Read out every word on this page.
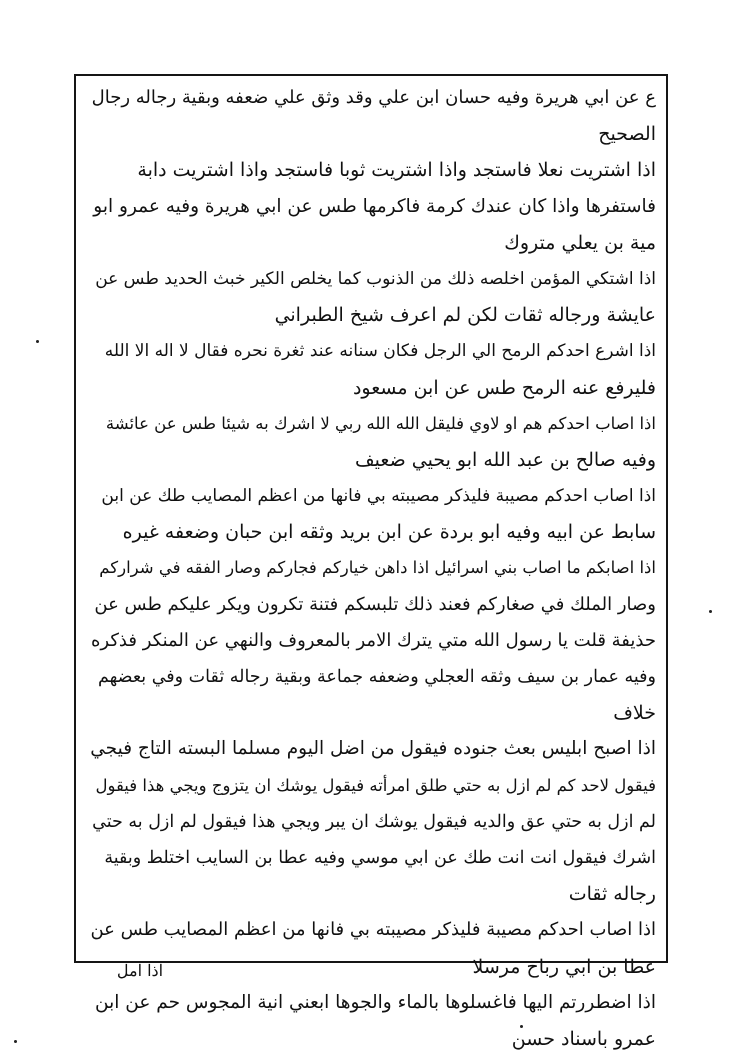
ع عن ابي هريرة وفيه حسان ابن علي وقد وثق علي ضعفه وبقية رجاله رجال
الصحيح
اذا اشتريت نعلا فاستجد واذا اشتريت ثوبا فاستجد واذا اشتريت دابة
فاستفرها واذا كان عندك كرمة فاكرمها طس عن ابي هريرة وفيه عمرو ابو
مية بن يعلي متروك
اذا اشتكي المؤمن اخلصه ذلك من الذنوب كما يخلص الكير خبث الحديد طس عن
عايشة ورجاله ثقات لكن لم اعرف شيخ الطبراني
اذا اشرع احدكم الرمح الي الرجل فكان سنانه عند ثغرة نحره فقال لا اله الا الله
فليرفع عنه الرمح طس عن ابن مسعود
اذا اصاب احدكم هم او لاوي فليقل الله الله ربي لا اشرك به شيئا طس عن عائشة
وفيه صالح بن عبد الله ابو يحيي ضعيف
اذا اصاب احدكم مصيبة فليذكر مصيبته بي فانها من اعظم المصايب طك عن ابن
سابط عن ابيه وفيه ابو بردة عن ابن بريد وثقه ابن حبان وضعفه غيره
اذا اصابكم ما اصاب بني اسرائيل اذا داهن خياركم فجاركم وصار الفقه في شراركم
وصار الملك في صغاركم فعند ذلك تلبسكم فتنة تكرون ويكر عليكم طس عن
حذيفة قلت يا رسول الله متي يترك الامر بالمعروف والنهي عن المنكر فذكره
وفيه عمار بن سيف وثقه العجلي وضعفه جماعة وبقية رجاله ثقات وفي بعضهم
خلاف
اذا اصبح ابليس بعث جنوده فيقول من اضل اليوم مسلما البسته التاج فيجي
فيقول لاحد كم لم ازل به حتي طلق امرأته فيقول يوشك ان يتزوج ويجي هذا فيقول
لم ازل به حتي عق والديه فيقول يوشك ان يبر ويجي هذا فيقول لم ازل به حتي
اشرك فيقول انت انت طك عن ابي موسي وفيه عطا بن السايب اختلط وبقية
رجاله ثقات
اذا اصاب احدكم مصيبة فليذكر مصيبته بي فانها من اعظم المصايب طس عن
عطا بن ابي رباح مرسلا
اذا اضطررتم اليها فاغسلوها بالماء والجوها ابعني انية المجوس حم عن ابن
عمرو باسناد حسن
اذا امل
